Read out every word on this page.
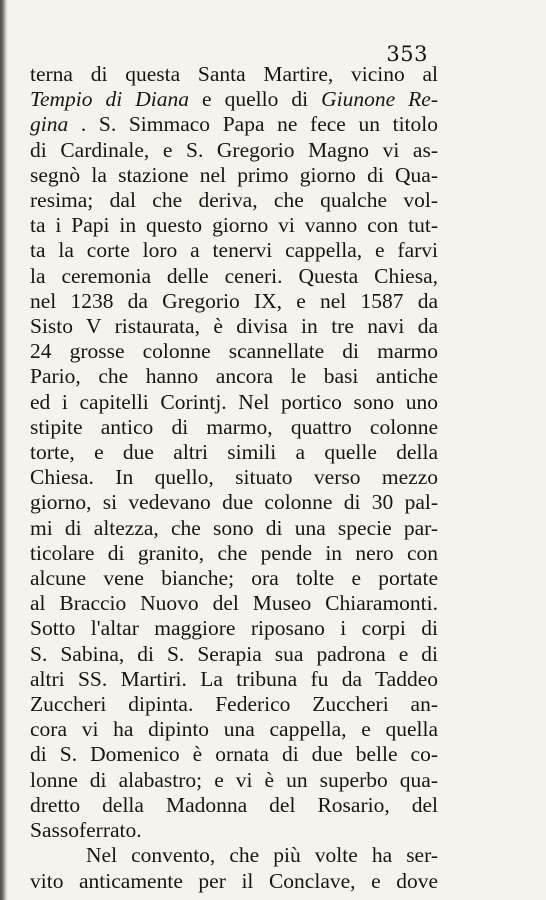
353
terna di questa Santa Martire, vicino al
Tempio di Diana e quello di Giunone Re-
gina . S. Simmaco Papa ne fece un titolo
di Cardinale, e S. Gregorio Magno vi as-
segnò la stazione nel primo giorno di Qua-
resima; dal che deriva, che qualche vol-
ta i Papi in questo giorno vi vanno con tut-
ta la corte loro a tenervi cappella, e farvi
la ceremonia delle ceneri. Questa Chiesa,
nel 1238 da Gregorio IX, e nel 1587 da
Sisto V ristaurata, è divisa in tre navi da
24 grosse colonne scannellate di marmo
Pario, che hanno ancora le basi antiche
ed i capitelli Corintj. Nel portico sono uno
stipite antico di marmo, quattro colonne
torte, e due altri simili a quelle della
Chiesa. In quello, situato verso mezzo
giorno, si vedevano due colonne di 30 pal-
mi di altezza, che sono di una specie par-
ticolare di granito, che pende in nero con
alcune vene bianche; ora tolte e portate
al Braccio Nuovo del Museo Chiaramonti.
Sotto l'altar maggiore riposano i corpi di
S. Sabina, di S. Serapia sua padrona e di
altri SS. Martiri. La tribuna fu da Taddeo
Zuccheri dipinta. Federico Zuccheri an-
cora vi ha dipinto una cappella, e quella
di S. Domenico è ornata di due belle co-
lonne di alabastro; e vi è un superbo qua-
dretto della Madonna del Rosario, del
Sassoferrato.
Nel convento, che più volte ha ser-
vito anticamente per il Conclave, e dove
